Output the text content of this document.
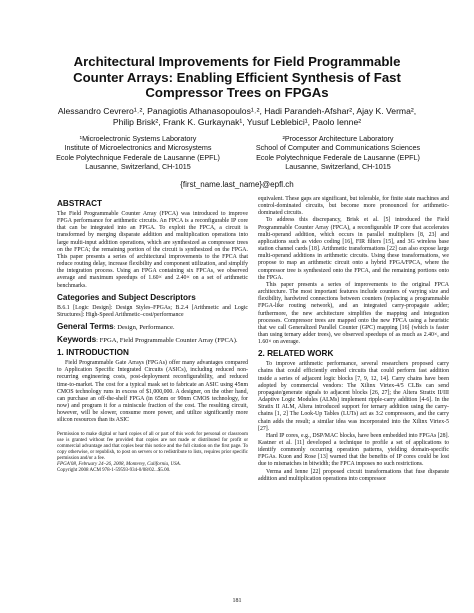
Architectural Improvements for Field Programmable
Counter Arrays: Enabling Efficient Synthesis of Fast
Compressor Trees on FPGAs
Alessandro Cevrero¹˒², Panagiotis Athanasopoulos¹˒², Hadi Parandeh-Afshar², Ajay K. Verma²,
Philip Brisk², Frank K. Gurkaynak¹, Yusuf Leblebici¹, Paolo Ienne²
¹Microelectronic Systems Laboratory
Institute of Microelectronics and Microsystems
Ecole Polytechnique Federale de Lausanne (EPFL)
Lausanne, Switzerland, CH-1015
²Processor Architecture Laboratory
School of Computer and Communications Sciences
Ecole Polytechnique Federale de Lausanne (EPFL)
Lausanne, Switzerland, CH-1015
{first_name.last_name}@epfl.ch
ABSTRACT

The Field Programmable Counter Array (FPCA) was introduced to improve FPGA performance for arithmetic circuits. An FPCA is a reconfigurable IP core that can be integrated into an FPGA. To exploit the FPCA, a circuit is transformed by merging disparate addition and multiplication operations into large multi-input addition operations, which are synthesized as compressor trees on the FPCA; the remaining portion of the circuit is synthesized on the FPGA. This paper presents a series of architectural improvements to the FPCA that reduce routing delay, increase flexibility and component utilization, and simplify the integration process. Using an FPGA containing six FPCAs, we observed average and maximum speedups of 1.60× and 2.40× on a set of arithmetic benchmarks.

Categories and Subject Descriptors

B.6.1 [Logic Design]: Design Styles–FPGAs; B.2.4 [Arithmetic and Logic Structures]: High-Speed Arithmetic–cost/performance

General Terms: Design, Performance.
Keywords: FPGA, Field Programmable Counter Array (FPCA).
1. INTRODUCTION

Field Programmable Gate Arrays (FPGAs) offer many advantages compared to Application Specific Integrated Circuits (ASICs), including reduced non-recurring engineering costs, post-deployment reconfigurability, and reduced time-to-market. The cost for a typical mask set to fabricate an ASIC using 45nm CMOS technology runs in excess of $1,000,000. A designer, on the other hand, can purchase an off-the-shelf FPGA (in 65nm or 90nm CMOS technology, for now) and program it for a miniscule fraction of the cost. The resulting circuit, however, will be slower, consume more power, and utilize significantly more silicon resources than its ASIC

Permission to make digital or hard copies of all or part of this work for personal or classroom use is granted without fee provided that copies are not made or distributed for profit or commercial advantage and that copies bear this notice and the full citation on the first page. To copy otherwise, or republish, to post on servers or to redistribute to lists, requires prior specific permission and/or a fee.

FPGA'08, February 24–26, 2008, Monterey, California, USA.

Copyright 2008 ACM 978-1-59593-934-0/08/02...$5.00.

equivalent. These gaps are significant, but tolerable, for finite state machines and control-dominated circuits, but become more pronounced for arithmetic-dominated circuits.

To address this discrepancy, Brisk et al. [5] introduced the Field Programmable Counter Array (FPCA), a reconfigurable IP core that accelerates multi-operand addition, which occurs in parallel multipliers [8, 23] and applications such as video coding [16], FIR filters [15], and 3G wireless base station channel cards [18]. Arithmetic transformations [22] can also expose large multi-operand additions in arithmetic circuits. Using these transformations, we propose to map an arithmetic circuit onto a hybrid FPGA/FPCA, where the compressor tree is synthesized onto the FPCA, and the remaining portions onto the FPGA.

This paper presents a series of improvements to the original FPCA architecture. The most important features include counters of varying size and flexibility, hardwired connections between counters (replacing a programmable FPGA-like routing network), and an integrated carry-propagate adder; furthermore, the new architecture simplifies the mapping and integration processes. Compressor trees are mapped onto the new FPCA using a heuristic that we call Generalized Parallel Counter (GPC) mapping [16] (which is faster than using ternary adder trees), we observed speedups of as much as 2.40×, and 1.60× on average.

2. RELATED WORK

To improve arithmetic performance, several researchers proposed carry chains that could efficiently embed circuits that could perform fast addition inside a series of adjacent logic blocks [7, 9, 12, 14]. Carry chains have been adopted by commercial vendors: The Xilinx Virtex-4/5 CLBs can send propagate/generate signals to adjacent blocks [26, 27]; the Altera Stratix II/III Adaptive Logic Modules (ALMs) implement ripple-carry addition [4-6]. In the Stratix II ALM, Altera introduced support for ternary addition using the carry-chains [1, 2] The Look-Up Tables (LUTs) act as 3:2 compressors, and the carry chain adds the result; a similar idea was incorporated into the Xilinx Virtex-5 [27].

Hard IP cores, e.g., DSP/MAC blocks, have been embedded into FPGAs [28]. Kastner et al. [11] developed a technique to profile a set of applications to identify commonly occurring operation patterns, yielding domain-specific FPGAs. Kuon and Rose [13] warned that the benefits of IP cores could be lost due to mismatches in bitwidth; the FPCA imposes no such restrictions.

Verma and Ienne [22] proposed circuit transformations that fuse disparate addition and multiplication operations into compressor

181
